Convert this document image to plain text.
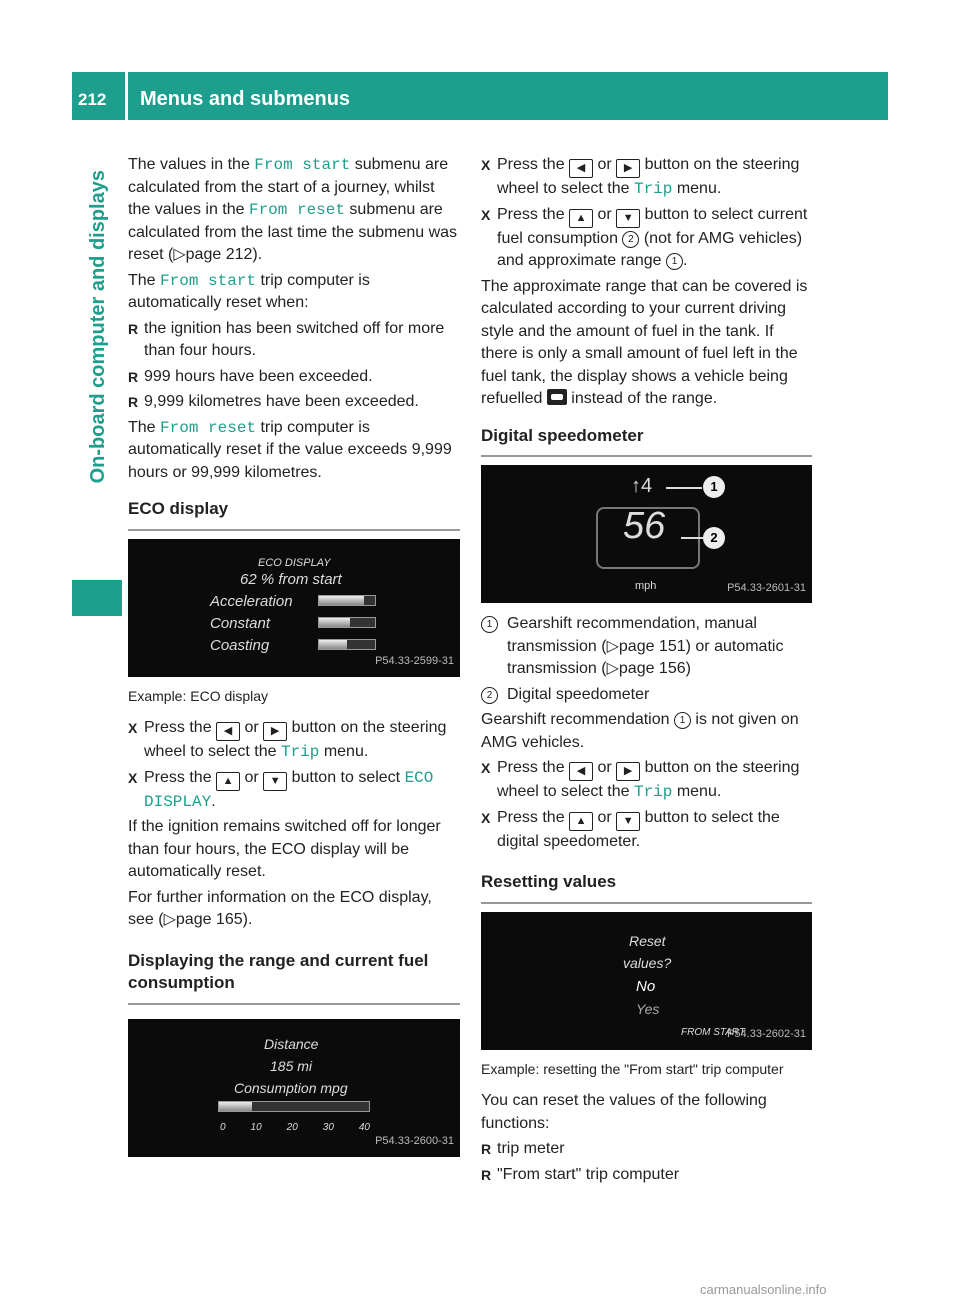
212 Menus and submenus
On-board computer and displays

The values in the From start submenu are calculated from the start of a journey, whilst the values in the From reset submenu are calculated from the last time the submenu was reset (▷page 212).

The From start trip computer is automatically reset when:

R the ignition has been switched off for more than four hours.
R 999 hours have been exceeded.
R 9,999 kilometres have been exceeded.

The From reset trip computer is automatically reset if the value exceeds 9,999 hours or 99,999 kilometres.

ECO display
ECO DISPLAY
62 % from start
Acceleration
Constant
Coasting
P54.33-2599-31
Example: ECO display
X Press the ◀ or ▶ button on the steering wheel to select the Trip menu.
X Press the ▲ or ▼ button to select ECO DISPLAY.

If the ignition remains switched off for longer than four hours, the ECO display will be automatically reset.

For further information on the ECO display, see (▷page 165).

Displaying the range and current fuel consumption
Distance
185 mi
Consumption mpg
0 10 20 30 40
P54.33-2600-31
X Press the ◀ or ▶ button on the steering wheel to select the Trip menu.
X Press the ▲ or ▼ button to select current fuel consumption 2 (not for AMG vehicles) and approximate range 1 .

The approximate range that can be covered is calculated according to your current driving style and the amount of fuel in the tank. If there is only a small amount of fuel left in the fuel tank, the display shows a vehicle being refuelled
instead of the range.

Digital speedometer
↑4	1
56	2
mph	P54.33-2601-31
1 Gearshift recommendation, manual transmission (▷page 151) or automatic transmission (▷page 156)
2 Digital speedometer

Gearshift recommendation 1 is not given on AMG vehicles.

X Press the ◀ or ▶ button on the steering wheel to select the Trip menu.
X Press the ▲ or ▼ button to select the digital speedometer.
Resetting values
Reset
values?
No
Yes
FROM START
P54.33-2602-31
Example: resetting the "From start" trip computer

You can reset the values of the following functions:

R trip meter
R "From start" trip computer
carmanualsonline.info
